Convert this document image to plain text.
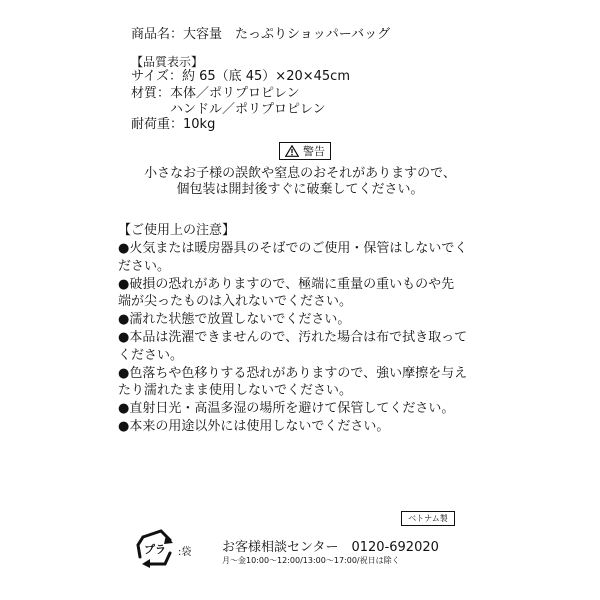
商品名：大容量　たっぷりショッパーバッグ
【品質表示】
サイズ：約 65（底 45）×20×45cm
材質：本体／ポリプロピレン
ハンドル／ポリプロピレン
耐荷重：10kg
警告
小さなお子様の誤飲や窒息のおそれがありますので、
個包装は開封後すぐに破棄してください。
【ご使用上の注意】
●火気または暖房器具のそばでのご使用・保管はしないでく
ださい。
●破損の恐れがありますので、極端に重量の重いものや先
端が尖ったものは入れないでください。
●濡れた状態で放置しないでください。
●本品は洗濯できませんので、汚れた場合は布で拭き取って
ください。
●色落ちや色移りする恐れがありますので、強い摩擦を与え
たり濡れたまま使用しないでください。
●直射日光・高温多湿の場所を避けて保管してください。
●本来の用途以外には使用しないでください。
ベトナム製
プラ :袋 お客様相談センター　0120-692020
月〜金10:00〜12:00/13:00〜17:00/祝日は除く
